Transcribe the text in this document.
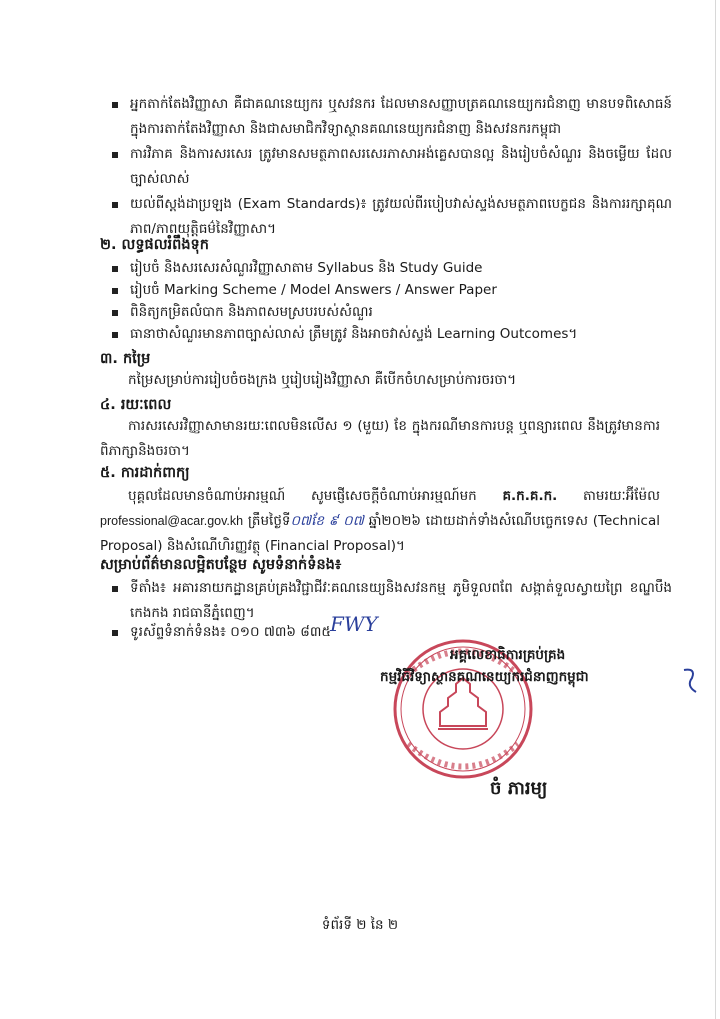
អ្នកតាក់តែងវិញ្ញាសា គឺជាគណនេយ្យករ ឬសវនករ ដែលមានសញ្ញាបត្រគណនេយ្យករជំនាញ មានបទពិសោធន៍ ក្នុងការតាក់តែងវិញ្ញាសា និងជាសមាជិកវិទ្យាស្ថានគណនេយ្យករជំនាញ និងសវនករកម្ពុជា
ការវិភាគ និងការសរសេរ ត្រូវមានសមត្ថភាពសរសេរភាសាអង់គ្លេសបានល្អ និងរៀបចំសំណួរ និងចម្លើយ ដែលច្បាស់លាស់
យល់ពីស្តង់ដាប្រឡង (Exam Standards)៖ ត្រូវយល់ពីរបៀបវាស់ស្ទង់សមត្ថភាពបេក្ខជន និងការរក្សាគុណភាព/ភាពយុត្តិធម៌នៃវិញ្ញាសា។
២. លទ្ធផលរំពឹងទុក
រៀបចំ និងសរសេរសំណួរវិញ្ញាសាតាម Syllabus និង Study Guide
រៀបចំ Marking Scheme / Model Answers / Answer Paper
ពិនិត្យកម្រិតលំបាក និងភាពសមស្របរបស់សំណួរ
ធានាថាសំណួរមានភាពច្បាស់លាស់ ត្រឹមត្រូវ និងអាចវាស់ស្ទង់ Learning Outcomes។
៣. កម្រៃ
កម្រៃសម្រាប់ការរៀបចំចងក្រង ឬរៀបរៀងវិញ្ញាសា គឺបើកចំហសម្រាប់ការចរចា។
៤. រយៈពេល
ការសរសេរវិញ្ញាសាមានរយៈពេលមិនលើស ១ (មួយ) ខែ ក្នុងករណីមានការបន្ត ឬពន្យារពេល នឹងត្រូវមានការពិភាក្សានិងចរចា។
៥. ការដាក់ពាក្យ
បុគ្គលដែលមានចំណាប់អារម្មណ៍ សូមផ្ញើសេចក្ដីចំណាប់អារម្មណ៍មក គ.ក.គ.ក. តាមរយៈអ៊ីម៉ែល professional@acar.gov.kh ត្រឹមថ្ងៃទី០៧ខែ ៩ ០៧ ឆ្នាំ២០២៦ ដោយដាក់ទាំងសំណើបច្ចេកទេស (Technical Proposal) និងសំណើហិរញ្ញវត្ថុ (Financial Proposal)។
សម្រាប់ព័ត៌មានលម្អិតបន្ថែម សូមទំនាក់ទំនង៖
ទីតាំង៖ អគារនាយកដ្ឋានគ្រប់គ្រងវិជ្ជាជីវៈគណនេយ្យនិងសវនកម្ម ភូមិទួលពពែ សង្កាត់ទួលស្វាយព្រៃ ខណ្ឌបឹងកេងកង រាជធានីភ្នំពេញ។
ទូរស័ព្ទទំនាក់ទំនង៖ ០១០ ៧៣៦ ៨៣៥ FWY
អគ្គលេខាធិការគ្រប់គ្រង
កម្មវិធីវិទ្យាស្ថានគណនេយ្យករជំនាញកម្ពុជា
ចំ ភារម្យ
ទំព័រទី ២ នៃ ២
